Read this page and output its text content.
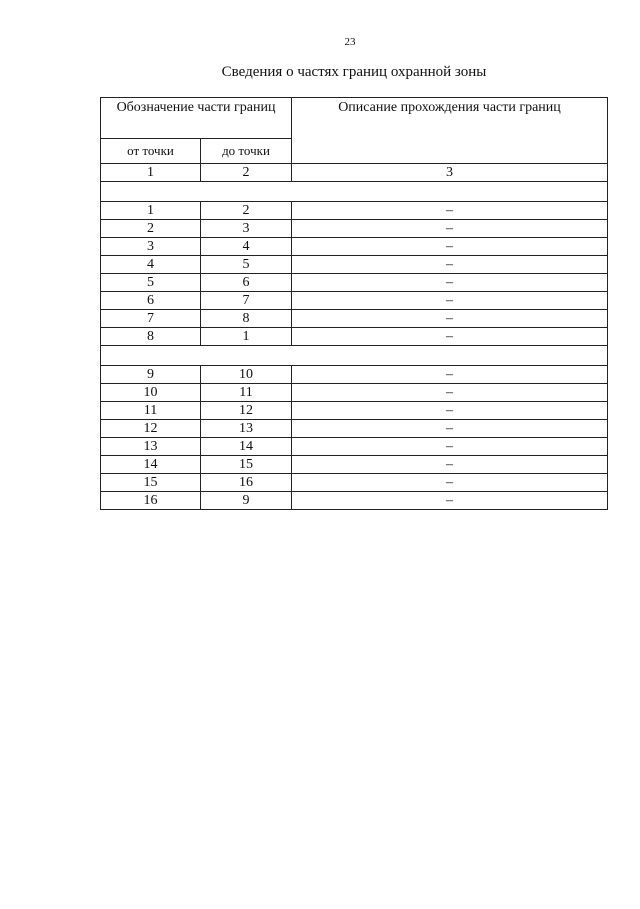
23
Сведения о частях границ охранной зоны
Обозначение части границ		Описание прохождения части границ
от точки	до точки	
1	2	3

1	2	–
2	3	–
3	4	–
4	5	–
5	6	–
6	7	–
7	8	–
8	1	–

9	10	–
10	11	–
11	12	–
12	13	–
13	14	–
14	15	–
15	16	–
16	9	–
